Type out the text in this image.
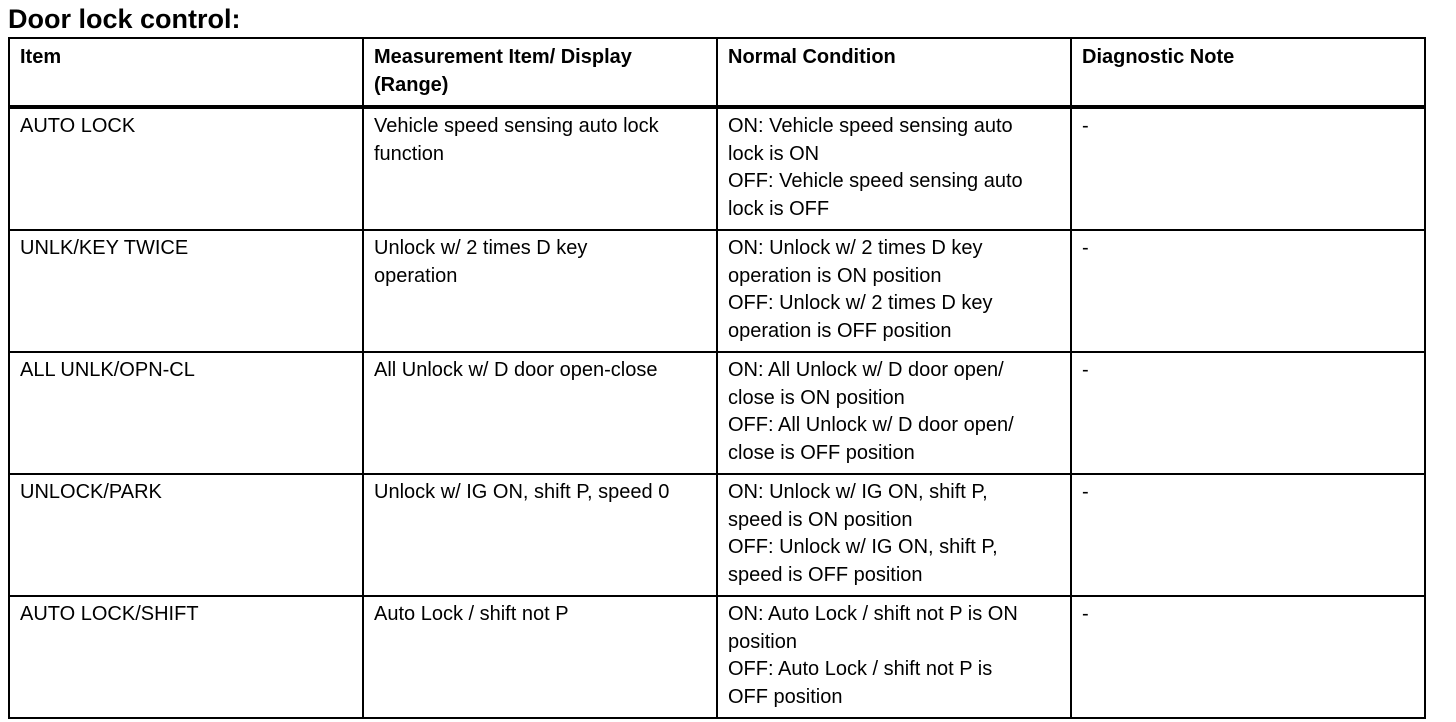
Door lock control:
Item	Measurement Item/ Display
(Range)	Normal Condition	Diagnostic Note

AUTO LOCK	Vehicle speed sensing auto lock
function	ON: Vehicle speed sensing auto
lock is ON
OFF: Vehicle speed sensing auto
lock is OFF	-

UNLK/KEY TWICE	Unlock w/ 2 times D key
operation	ON: Unlock w/ 2 times D key
operation is ON position
OFF: Unlock w/ 2 times D key
operation is OFF position	-

ALL UNLK/OPN-CL	All Unlock w/ D door open-close	ON: All Unlock w/ D door open/
close is ON position
OFF: All Unlock w/ D door open/
close is OFF position	-

UNLOCK/PARK	Unlock w/ IG ON, shift P, speed 0	ON: Unlock w/ IG ON, shift P,
speed is ON position
OFF: Unlock w/ IG ON, shift P,
speed is OFF position	-

AUTO LOCK/SHIFT	Auto Lock / shift not P	ON: Auto Lock / shift not P is ON
position
OFF: Auto Lock / shift not P is
OFF position	-
